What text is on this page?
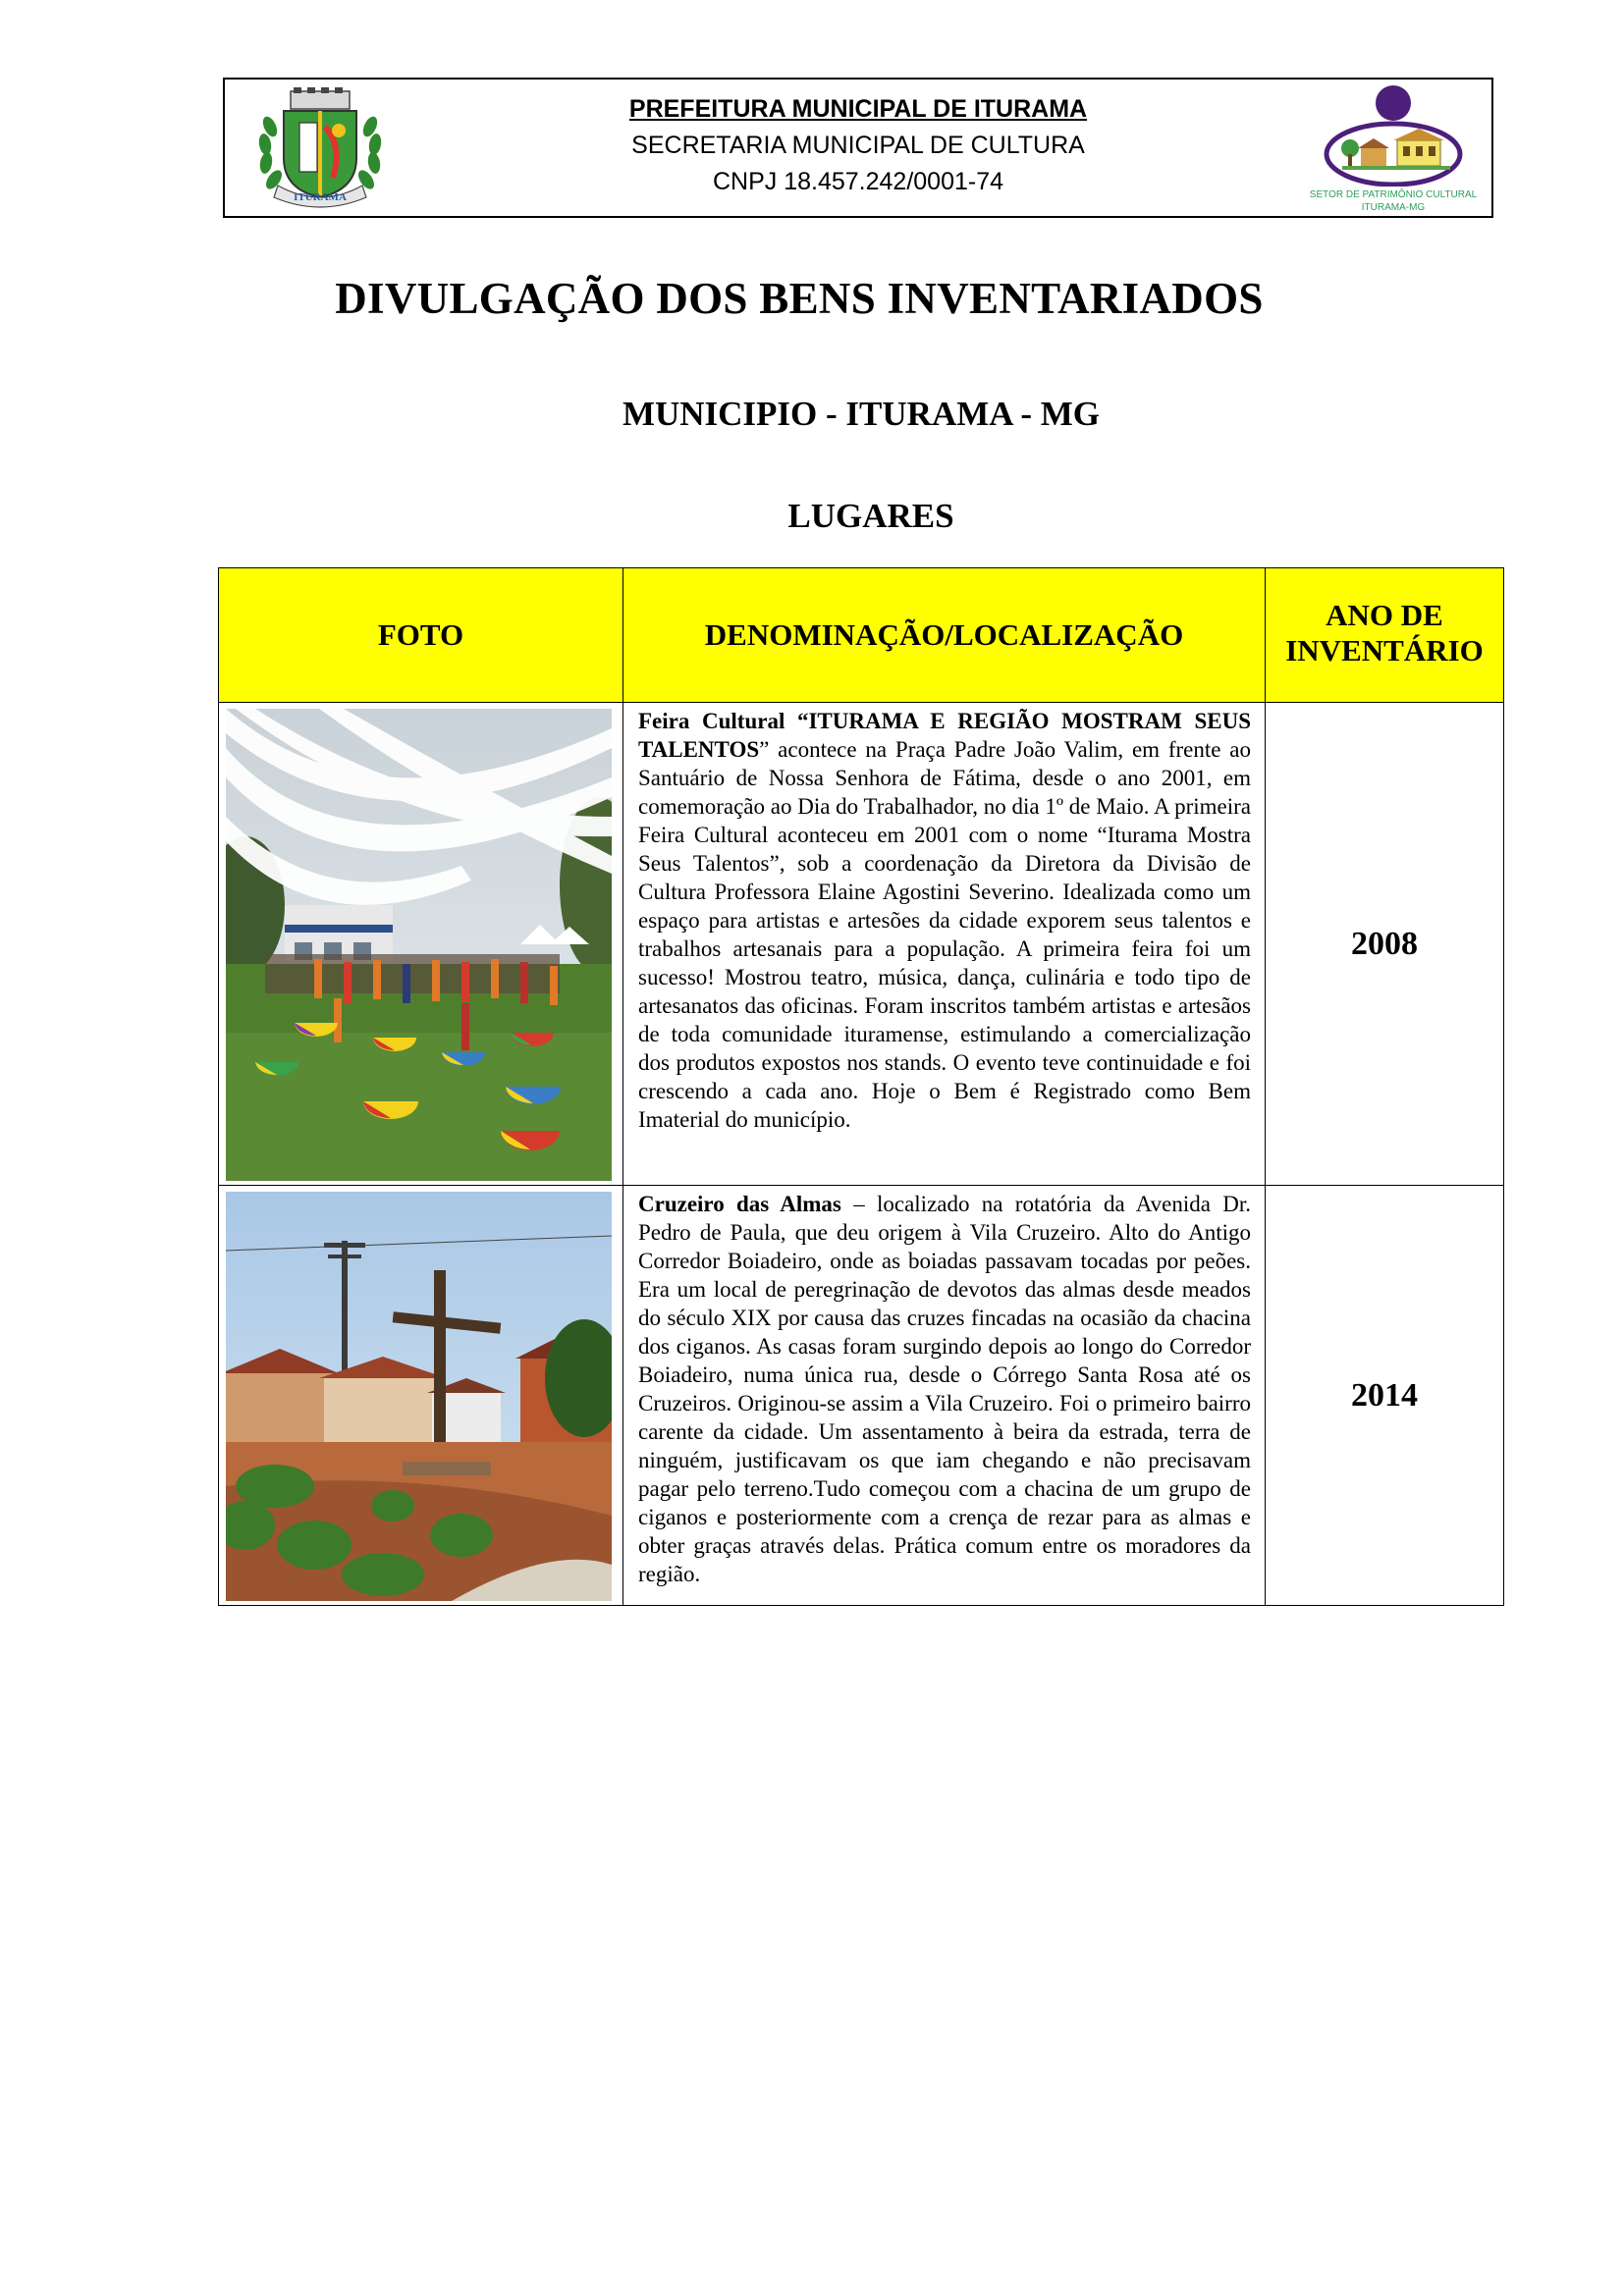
ITURAMA
PREFEITURA MUNICIPAL DE ITURAMA
SECRETARIA MUNICIPAL DE CULTURA
CNPJ 18.457.242/0001-74	SETOR DE PATRIMÔNIO CULTURAL
ITURAMA-MG
DIVULGAÇÃO DOS BENS INVENTARIADOS
MUNICIPIO - ITURAMA - MG
LUGARES
FOTO	DENOMINAÇÃO/LOCALIZAÇÃO	ANO DE INVENTÁRIO

	Feira Cultural “ITURAMA E REGIÃO MOSTRAM SEUS TALENTOS” acontece na Praça Padre João Valim, em frente ao Santuário de Nossa Senhora de Fátima, desde o ano 2001, em comemoração ao Dia do Trabalhador, no dia 1º de Maio. A primeira Feira Cultural aconteceu em 2001 com o nome “Iturama Mostra Seus Talentos”, sob a coordenação da Diretora da Divisão de Cultura Professora Elaine Agostini Severino. Idealizada como um espaço para artistas e artesões da cidade exporem seus talentos e trabalhos artesanais para a população. A primeira feira foi um sucesso! Mostrou teatro, música, dança, culinária e todo tipo de artesanatos das oficinas. Foram inscritos também artistas e artesãos de toda comunidade ituramense, estimulando a comercialização dos produtos expostos nos stands. O evento teve continuidade e foi crescendo a cada ano. Hoje o Bem é Registrado como Bem Imaterial do município.	2008

	Cruzeiro das Almas – localizado na rotatória da Avenida Dr. Pedro de Paula, que deu origem à Vila Cruzeiro. Alto do Antigo Corredor Boiadeiro, onde as boiadas passavam tocadas por peões. Era um local de peregrinação de devotos das almas desde meados do século XIX por causa das cruzes fincadas na ocasião da chacina dos ciganos. As casas foram surgindo depois ao longo do Corredor Boiadeiro, numa única rua, desde o Córrego Santa Rosa até os Cruzeiros. Originou-se assim a Vila Cruzeiro. Foi o primeiro bairro carente da cidade. Um assentamento à beira da estrada, terra de ninguém, justificavam os que iam chegando e não precisavam pagar pelo terreno.Tudo começou com a chacina de um grupo de ciganos e posteriormente com a crença de rezar para as almas e obter graças através delas. Prática comum entre os moradores da região.	2014
